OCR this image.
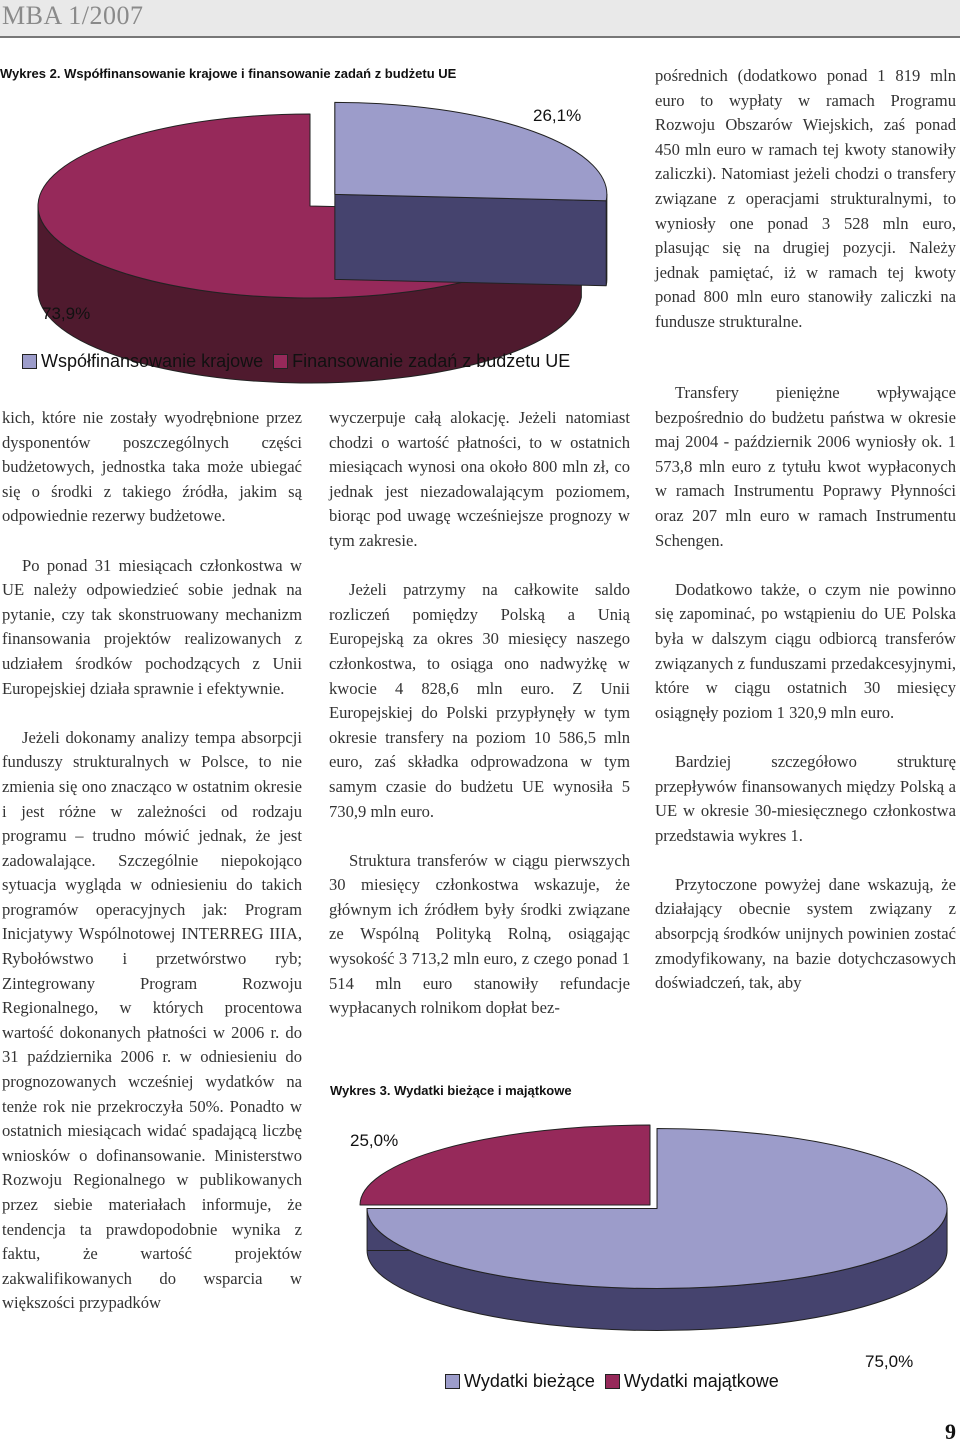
MBA 1/2007
Wykres 2. Współfinansowanie krajowe i finansowanie zadań z budżetu UE
26,1%
73,9%
Współfinansowanie krajowe Finansowanie zadań z budżetu UE

pośrednich (dodatkowo ponad 1 819 mln euro to wypłaty w ramach Programu Rozwoju Obszarów Wiejskich, zaś ponad 450 mln euro w ramach tej kwoty stanowiły zaliczki). Natomiast jeżeli chodzi o transfery związane z operacjami strukturalnymi, to wyniosły one ponad 3 528 mln euro, plasując się na drugiej pozycji. Należy jednak pamiętać, iż w ramach tej kwoty ponad 800 mln euro stanowiły zaliczki na fundusze strukturalne.

kich, które nie zostały wyodrębnione przez dysponentów poszczególnych części budżetowych, jednostka taka może ubiegać się o środki z takiego źródła, jakim są odpowiednie rezerwy budżetowe.

Po ponad 31 miesiącach członkostwa w UE należy odpowiedzieć sobie jednak na pytanie, czy tak skonstruowany mechanizm finansowania projektów realizowanych z udziałem środków pochodzących z Unii Europejskiej działa sprawnie i efektywnie.

Jeżeli dokonamy analizy tempa absorpcji funduszy strukturalnych w Polsce, to nie zmienia się ono znacząco w ostatnim okresie i jest różne w zależności od rodzaju programu – trudno mówić jednak, że jest zadowalające. Szczególnie niepokojąco sytuacja wygląda w odniesieniu do takich programów operacyjnych jak: Program Inicjatywy Wspólnotowej INTERREG IIIA, Rybołówstwo i przetwórstwo ryb; Zintegrowany Program Rozwoju Regionalnego, w których procentowa wartość dokonanych płatności w 2006 r. do 31 października 2006 r. w odniesieniu do prognozowanych wcześniej wydatków na tenże rok nie przekroczyła 50%. Ponadto w ostatnich miesiącach widać spadającą liczbę wniosków o dofinansowanie. Ministerstwo Rozwoju Regionalnego w publikowanych przez siebie materiałach informuje, że tendencja ta prawdopodobnie wynika z faktu, że wartość projektów zakwalifikowanych do wsparcia w większości przypadków

wyczerpuje całą alokację. Jeżeli natomiast chodzi o wartość płatności, to w ostatnich miesiącach wynosi ona około 800 mln zł, co jednak jest niezadowalającym poziomem, biorąc pod uwagę wcześniejsze prognozy w tym zakresie.

Jeżeli patrzymy na całkowite saldo rozliczeń pomiędzy Polską a Unią Europejską za okres 30 miesięcy naszego członkostwa, to osiąga ono nadwyżkę w kwocie 4 828,6 mln euro. Z Unii Europejskiej do Polski przypłynęły w tym okresie transfery na poziom 10 586,5 mln euro, zaś składka odprowadzona w tym samym czasie do budżetu UE wynosiła 5 730,9 mln euro.

Struktura transferów w ciągu pierwszych 30 miesięcy członkostwa wskazuje, że głównym ich źródłem były środki związane ze Wspólną Polityką Rolną, osiągając wysokość 3 713,2 mln euro, z czego ponad 1 514 mln euro stanowiły refundacje wypłacanych rolnikom dopłat bez-

Transfery pieniężne wpływające bezpośrednio do budżetu państwa w okresie maj 2004 - październik 2006 wyniosły ok. 1 573,8 mln euro z tytułu kwot wypłaconych w ramach Instrumentu Poprawy Płynności oraz 207 mln euro w ramach Instrumentu Schengen.

Dodatkowo także, o czym nie powinno się zapominać, po wstąpieniu do UE Polska była w dalszym ciągu odbiorcą transferów związanych z funduszami przedakcesyjnymi, które w ciągu ostatnich 30 miesięcy osiągnęły poziom 1 320,9 mln euro.

Bardziej szczegółowo strukturę przepływów finansowanych między Polską a UE w okresie 30-miesięcznego członkostwa przedstawia wykres 1.

Przytoczone powyżej dane wskazują, że działający obecnie system związany z absorpcją środków unijnych powinien zostać zmodyfikowany, na bazie dotychczasowych doświadczeń, tak, aby

Wykres 3. Wydatki bieżące i majątkowe
25,0%
75,0%
Wydatki bieżące Wydatki majątkowe
9
